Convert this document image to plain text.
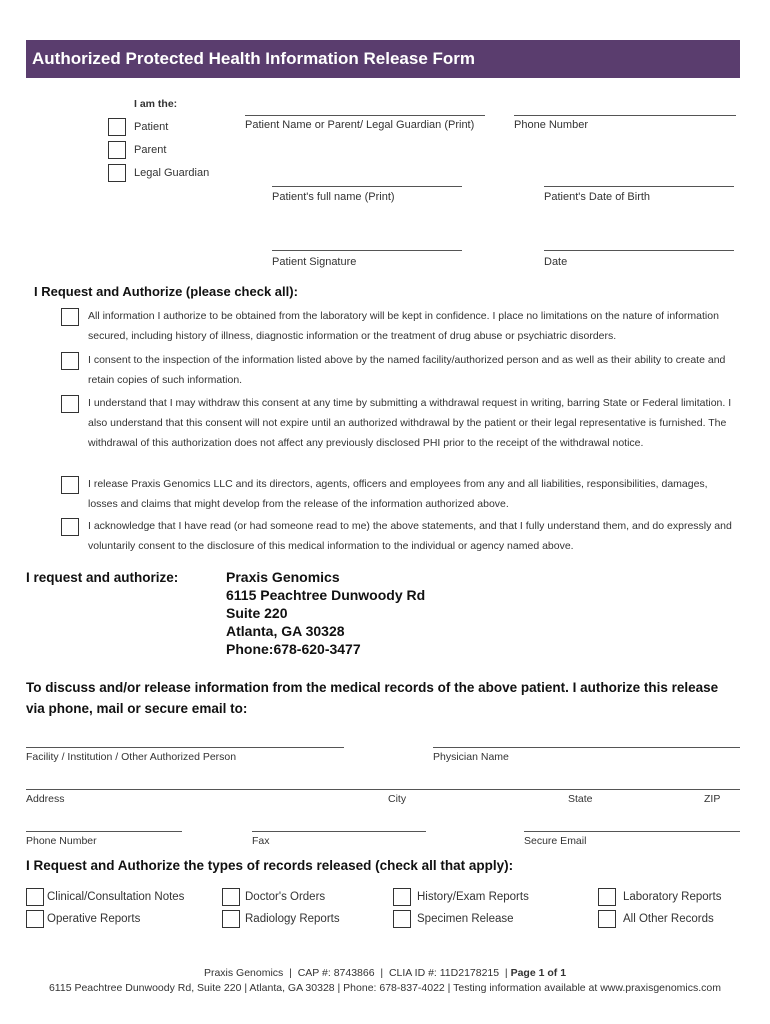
Authorized Protected Health Information Release Form
I am the:
Patient
Parent
Legal Guardian
Patient Name or Parent/ Legal Guardian (Print)	Phone Number
Patient's full name (Print)	Patient's Date of Birth
Patient Signature	Date
I Request and Authorize (please check all):
All information I authorize to be obtained from the laboratory will be kept in confidence. I place no limitations on the nature of information secured, including history of illness, diagnostic information or the treatment of drug abuse or psychiatric disorders.
I consent to the inspection of the information listed above by the named facility/authorized person and as well as their ability to create and retain copies of such information.
I understand that I may withdraw this consent at any time by submitting a withdrawal request in writing, barring State or Federal limitation. I also understand that this consent will not expire until an authorized withdrawal by the patient or their legal representative is furnished. The withdrawal of this authorization does not affect any previously disclosed PHI prior to the receipt of the withdrawal notice.
I release Praxis Genomics LLC and its directors, agents, officers and employees from any and all liabilities, responsibilities, damages, losses and claims that might develop from the release of the information authorized above.
I acknowledge that I have read (or had someone read to me) the above statements, and that I fully understand them, and do expressly and voluntarily consent to the disclosure of this medical information to the individual or agency named above.
I request and authorize:	Praxis Genomics
6115 Peachtree Dunwoody Rd
Suite 220
Atlanta, GA 30328
Phone:678-620-3477
To discuss and/or release information from the medical records of the above patient. I authorize this release via phone, mail or secure email to:
Facility / Institution / Other Authorized Person	Physician Name
Address	City	State	ZIP
Phone Number	Fax	Secure Email
I Request and Authorize the types of records released (check all that apply):
Clinical/Consultation Notes
Operative Reports
Doctor's Orders
Radiology Reports
History/Exam Reports
Specimen Release
Laboratory Reports
All Other Records
Praxis Genomics  |  CAP #: 8743866  |  CLIA ID #: 11D2178215  | Page 1 of 1
6115 Peachtree Dunwoody Rd, Suite 220 | Atlanta, GA 30328 | Phone: 678-837-4022 | Testing information available at www.praxisgenomics.com
